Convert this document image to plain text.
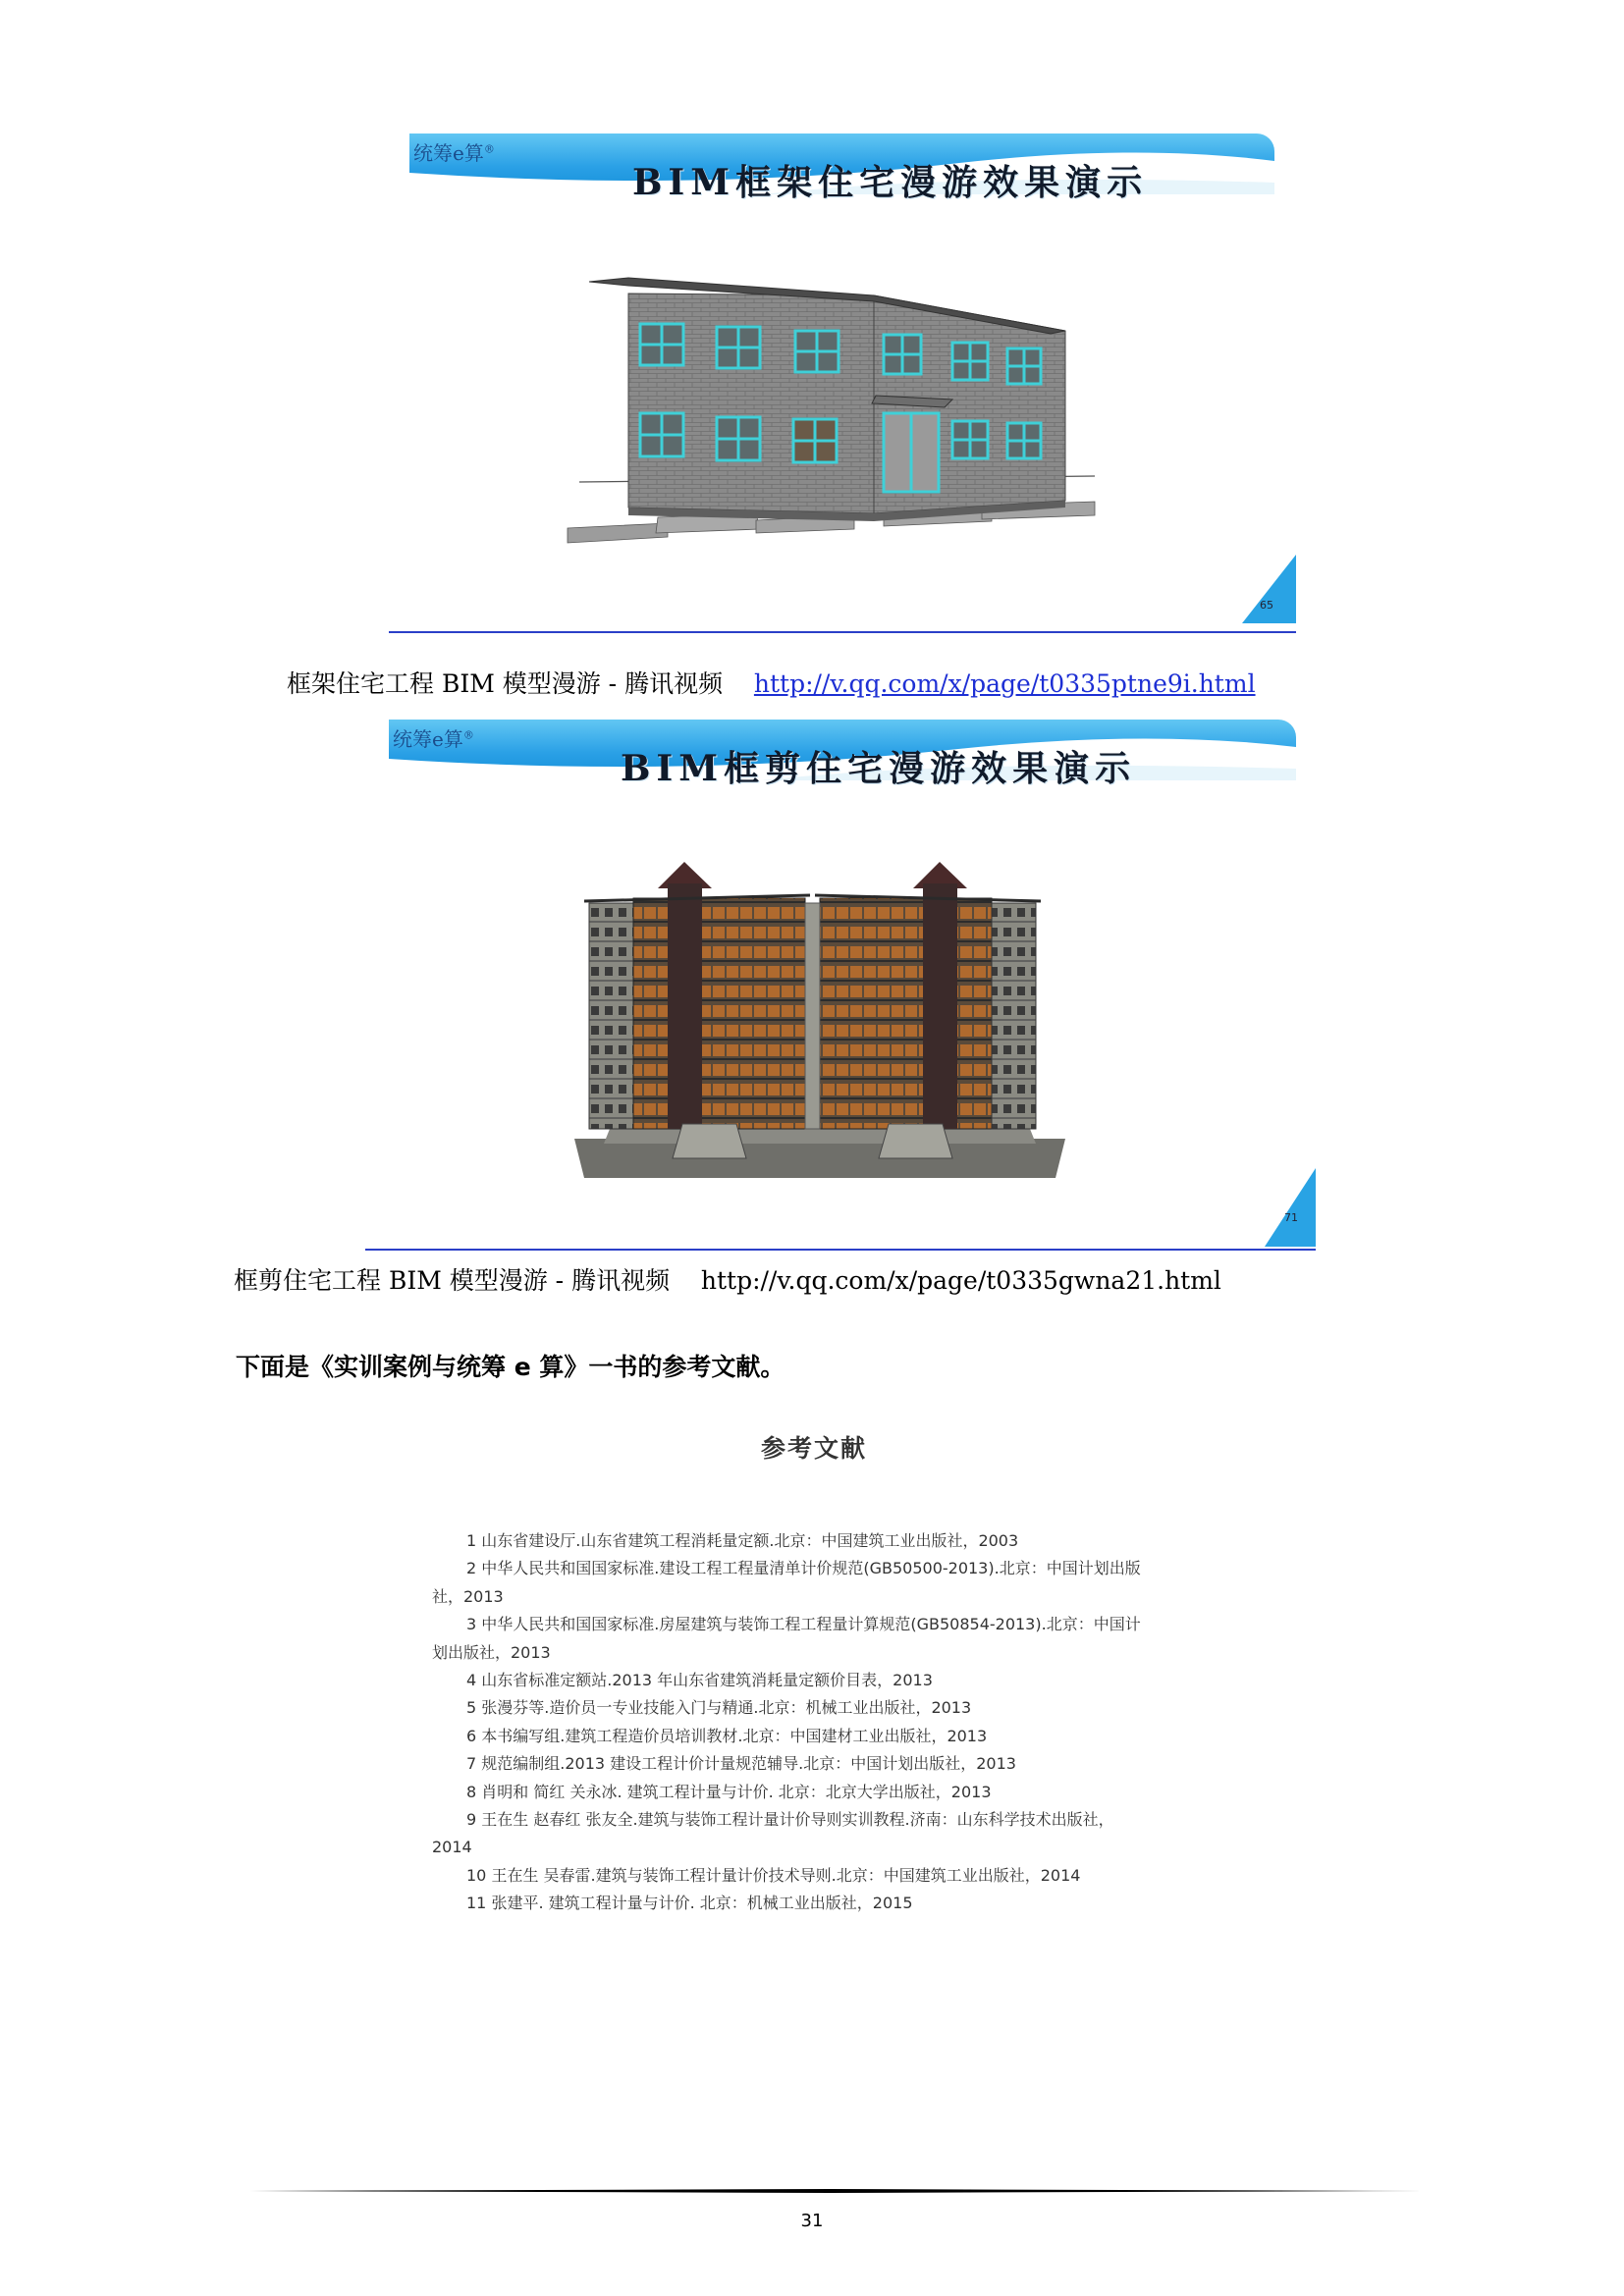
统筹e算®
BIM框架住宅漫游效果演示
65
框架住宅工程 BIM 模型漫游 - 腾讯视频 http://v.qq.com/x/page/t0335ptne9i.html
统筹e算®
BIM框剪住宅漫游效果演示
71
框剪住宅工程 BIM 模型漫游 - 腾讯视频 http://v.qq.com/x/page/t0335gwna21.html
下面是《实训案例与统筹 e 算》一书的参考文献。
参考文献
1 山东省建设厅.山东省建筑工程消耗量定额.北京：中国建筑工业出版社，2003
2 中华人民共和国国家标准.建设工程工程量清单计价规范(GB50500-2013).北京：中国计划出版
社，2013
3 中华人民共和国国家标准.房屋建筑与装饰工程工程量计算规范(GB50854-2013).北京：中国计
划出版社，2013
4 山东省标准定额站.2013 年山东省建筑消耗量定额价目表，2013
5 张漫芬等.造价员一专业技能入门与精通.北京：机械工业出版社，2013
6 本书编写组.建筑工程造价员培训教材.北京：中国建材工业出版社，2013
7 规范编制组.2013 建设工程计价计量规范辅导.北京：中国计划出版社，2013
8 肖明和 简红 关永冰. 建筑工程计量与计价. 北京：北京大学出版社，2013
9 王在生 赵春红 张友全.建筑与装饰工程计量计价导则实训教程.济南：山东科学技术出版社，
2014
10 王在生 吴春雷.建筑与装饰工程计量计价技术导则.北京：中国建筑工业出版社，2014
11 张建平. 建筑工程计量与计价. 北京：机械工业出版社，2015
31
